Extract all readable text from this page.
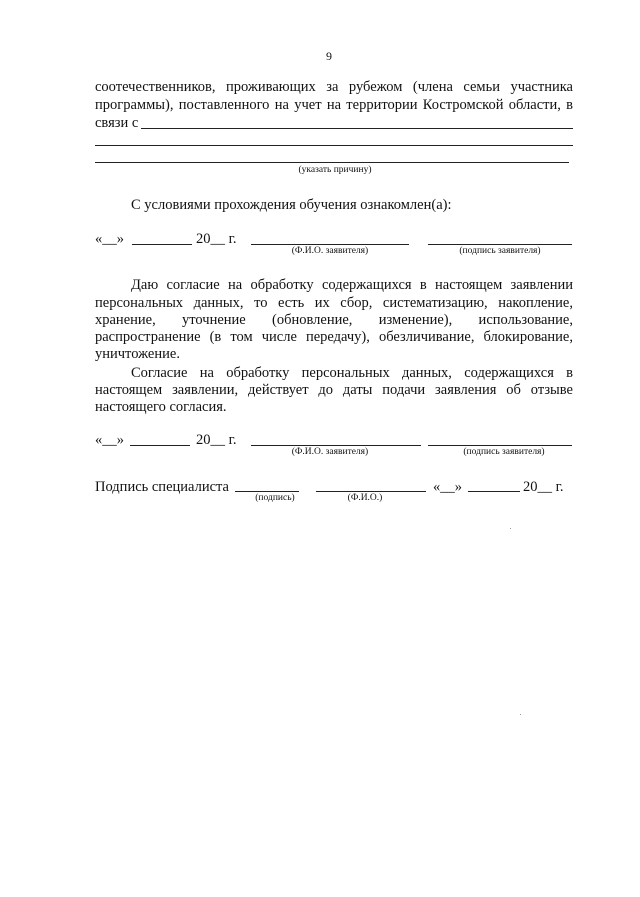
9
соотечественников, проживающих за рубежом (члена семьи участника
программы), поставленного на учет на территории Костромской области, в
связи с
(указать причину)
С условиями прохождения обучения ознакомлен(а):
«__»	20__ г.
(Ф.И.О. заявителя)	(подпись заявителя)
Даю согласие на обработку содержащихся в настоящем заявлении
персональных данных, то есть их сбор, систематизацию, накопление,
хранение, уточнение (обновление, изменение), использование,
распространение (в том числе передачу), обезличивание, блокирование,
уничтожение.
Согласие на обработку персональных данных, содержащихся в
настоящем заявлении, действует до даты подачи заявления об отзыве
настоящего согласия.
«__»	20__ г.
(Ф.И.О. заявителя)	(подпись заявителя)
Подпись специалиста	«__»	20__ г.
(подпись)	(Ф.И.О.)
